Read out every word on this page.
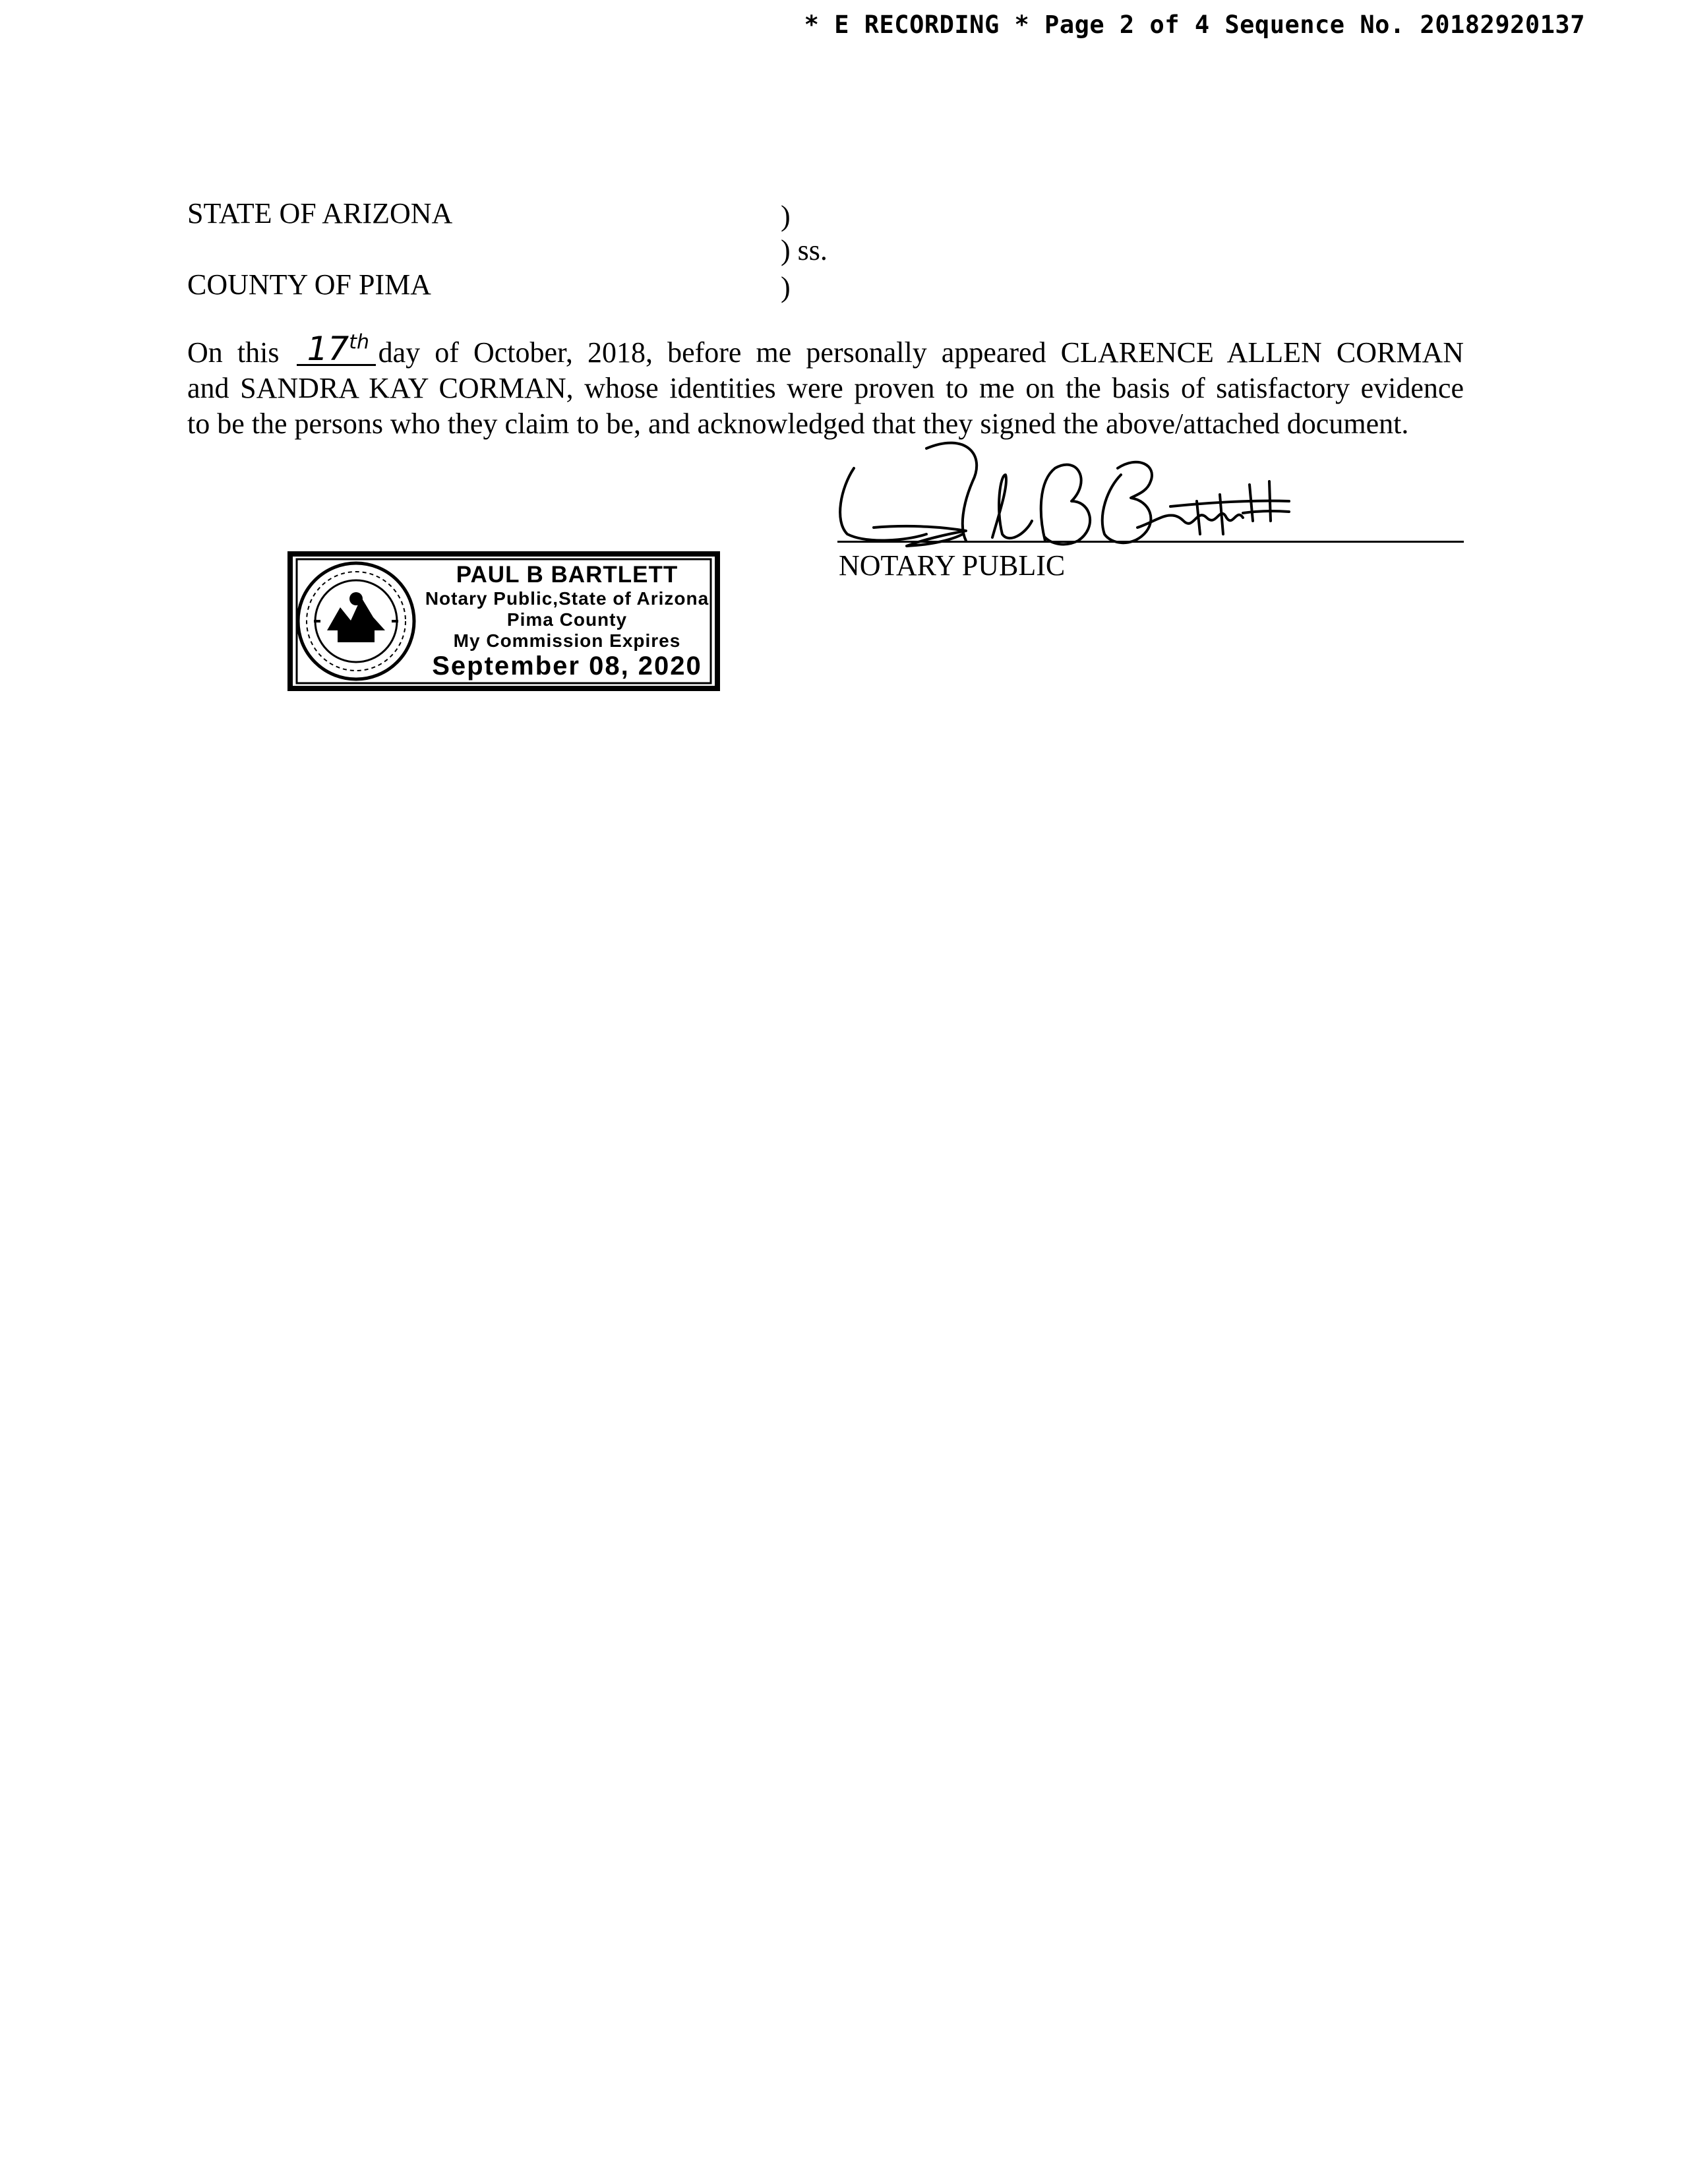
* E RECORDING * Page 2 of 4 Sequence No. 20182920137
STATE OF ARIZONA	)
) ss.
COUNTY OF PIMA	)
On this 17th day of October, 2018, before me personally appeared CLARENCE ALLEN CORMAN
and SANDRA KAY CORMAN, whose identities were proven to me on the basis of satisfactory evidence
to be the persons who they claim to be, and acknowledged that they signed the above/attached document.
NOTARY PUBLIC
PAUL B BARTLETT
Notary Public,State of Arizona
Pima County
My Commission Expires
September 08, 2020
